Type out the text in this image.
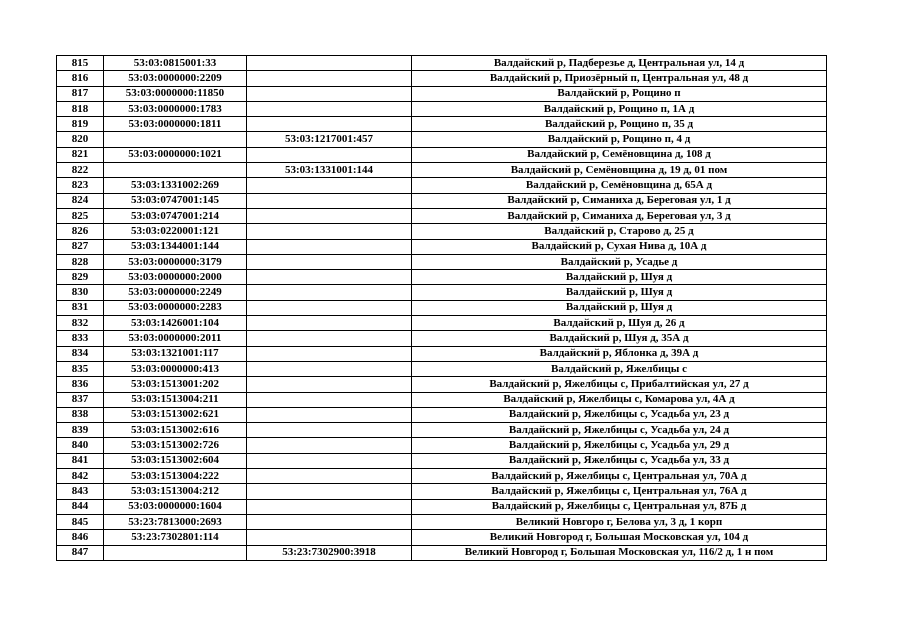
815	53:03:0815001:33		Валдайский р, Падберезье д, Центральная ул, 14 д
816	53:03:0000000:2209		Валдайский р, Приозёрный п, Центральная ул, 48 д
817	53:03:0000000:11850		Валдайский р, Рощино п
818	53:03:0000000:1783		Валдайский р, Рощино п, 1А д
819	53:03:0000000:1811		Валдайский р, Рощино п, 35 д
820		53:03:1217001:457	Валдайский р, Рощино п, 4 д
821	53:03:0000000:1021		Валдайский р, Семёновщина д, 108 д
822		53:03:1331001:144	Валдайский р, Семёновщина д, 19 д, 01 пом
823	53:03:1331002:269		Валдайский р, Семёновщина д, 65А д
824	53:03:0747001:145		Валдайский р, Симаниха д, Береговая ул, 1 д
825	53:03:0747001:214		Валдайский р, Симаниха д, Береговая ул, 3 д
826	53:03:0220001:121		Валдайский р, Старово д, 25 д
827	53:03:1344001:144		Валдайский р, Сухая Нива д, 10А д
828	53:03:0000000:3179		Валдайский р, Усадье д
829	53:03:0000000:2000		Валдайский р, Шуя д
830	53:03:0000000:2249		Валдайский р, Шуя д
831	53:03:0000000:2283		Валдайский р, Шуя д
832	53:03:1426001:104		Валдайский р, Шуя д, 26 д
833	53:03:0000000:2011		Валдайский р, Шуя д, 35А д
834	53:03:1321001:117		Валдайский р, Яблонка д, 39А д
835	53:03:0000000:413		Валдайский р, Яжелбицы с
836	53:03:1513001:202		Валдайский р, Яжелбицы с, Прибалтийская ул, 27 д
837	53:03:1513004:211		Валдайский р, Яжелбицы с, Комарова ул, 4А д
838	53:03:1513002:621		Валдайский р, Яжелбицы с, Усадьба ул, 23 д
839	53:03:1513002:616		Валдайский р, Яжелбицы с, Усадьба ул, 24 д
840	53:03:1513002:726		Валдайский р, Яжелбицы с, Усадьба ул, 29 д
841	53:03:1513002:604		Валдайский р, Яжелбицы с, Усадьба ул, 33 д
842	53:03:1513004:222		Валдайский р, Яжелбицы с, Центральная ул, 70А д
843	53:03:1513004:212		Валдайский р, Яжелбицы с, Центральная ул, 76А д
844	53:03:0000000:1604		Валдайский р, Яжелбицы с, Центральная ул, 87Б д
845	53:23:7813000:2693		Великий Новгоро г, Белова ул, 3 д, 1 корп
846	53:23:7302801:114		Великий Новгород г, Большая Московская ул, 104 д
847		53:23:7302900:3918	Великий Новгород г, Большая Московская ул, 116/2 д, 1 н пом
